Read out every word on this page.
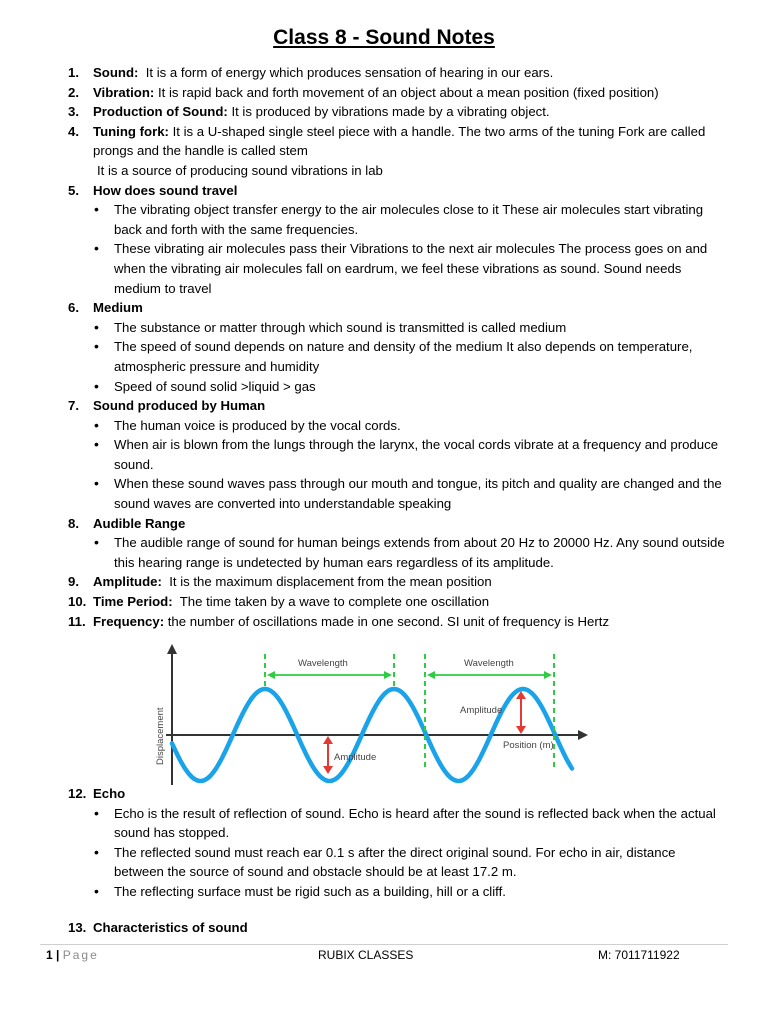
Class 8 - Sound Notes
1. Sound:  It is a form of energy which produces sensation of hearing in our ears.
2. Vibration: It is rapid back and forth movement of an object about a mean position (fixed position)
3. Production of Sound: It is produced by vibrations made by a vibrating object.
4. Tuning fork: It is a U-shaped single steel piece with a handle. The two arms of the tuning Fork are called prongs and the handle is called stem
It is a source of producing sound vibrations in lab
5. How does sound travel
• The vibrating object transfer energy to the air molecules close to it These air molecules start vibrating back and forth with the same frequencies.
• These vibrating air molecules pass their Vibrations to the next air molecules The process goes on and when the vibrating air molecules fall on eardrum, we feel these vibrations as sound. Sound needs medium to travel
6. Medium
• The substance or matter through which sound is transmitted is called medium
• The speed of sound depends on nature and density of the medium It also depends on temperature, atmospheric pressure and humidity
• Speed of sound solid >liquid > gas
7. Sound produced by Human
• The human voice is produced by the vocal cords.
• When air is blown from the lungs through the larynx, the vocal cords vibrate at a frequency and produce sound.
• When these sound waves pass through our mouth and tongue, its pitch and quality are changed and the sound waves are converted into understandable speaking
8. Audible Range
• The audible range of sound for human beings extends from about 20 Hz to 20000 Hz. Any sound outside this hearing range is undetected by human ears regardless of its amplitude.
9. Amplitude:  It is the maximum displacement from the mean position
10. Time Period:  The time taken by a wave to complete one oscillation
11. Frequency: the number of oscillations made in one second. SI unit of frequency is Hertz
Displacement	Position (m)
Wavelength	Wavelength
Amplitude
Amplitude
12. Echo
• Echo is the result of reflection of sound. Echo is heard after the sound is reflected back when the actual sound has stopped.
• The reflected sound must reach ear 0.1 s after the direct original sound. For echo in air, distance between the source of sound and obstacle should be at least 17.2 m.
• The reflecting surface must be rigid such as a building, hill or a cliff.
13. Characteristics of sound
1 | Page	RUBIX CLASSES	M: 7011711922
